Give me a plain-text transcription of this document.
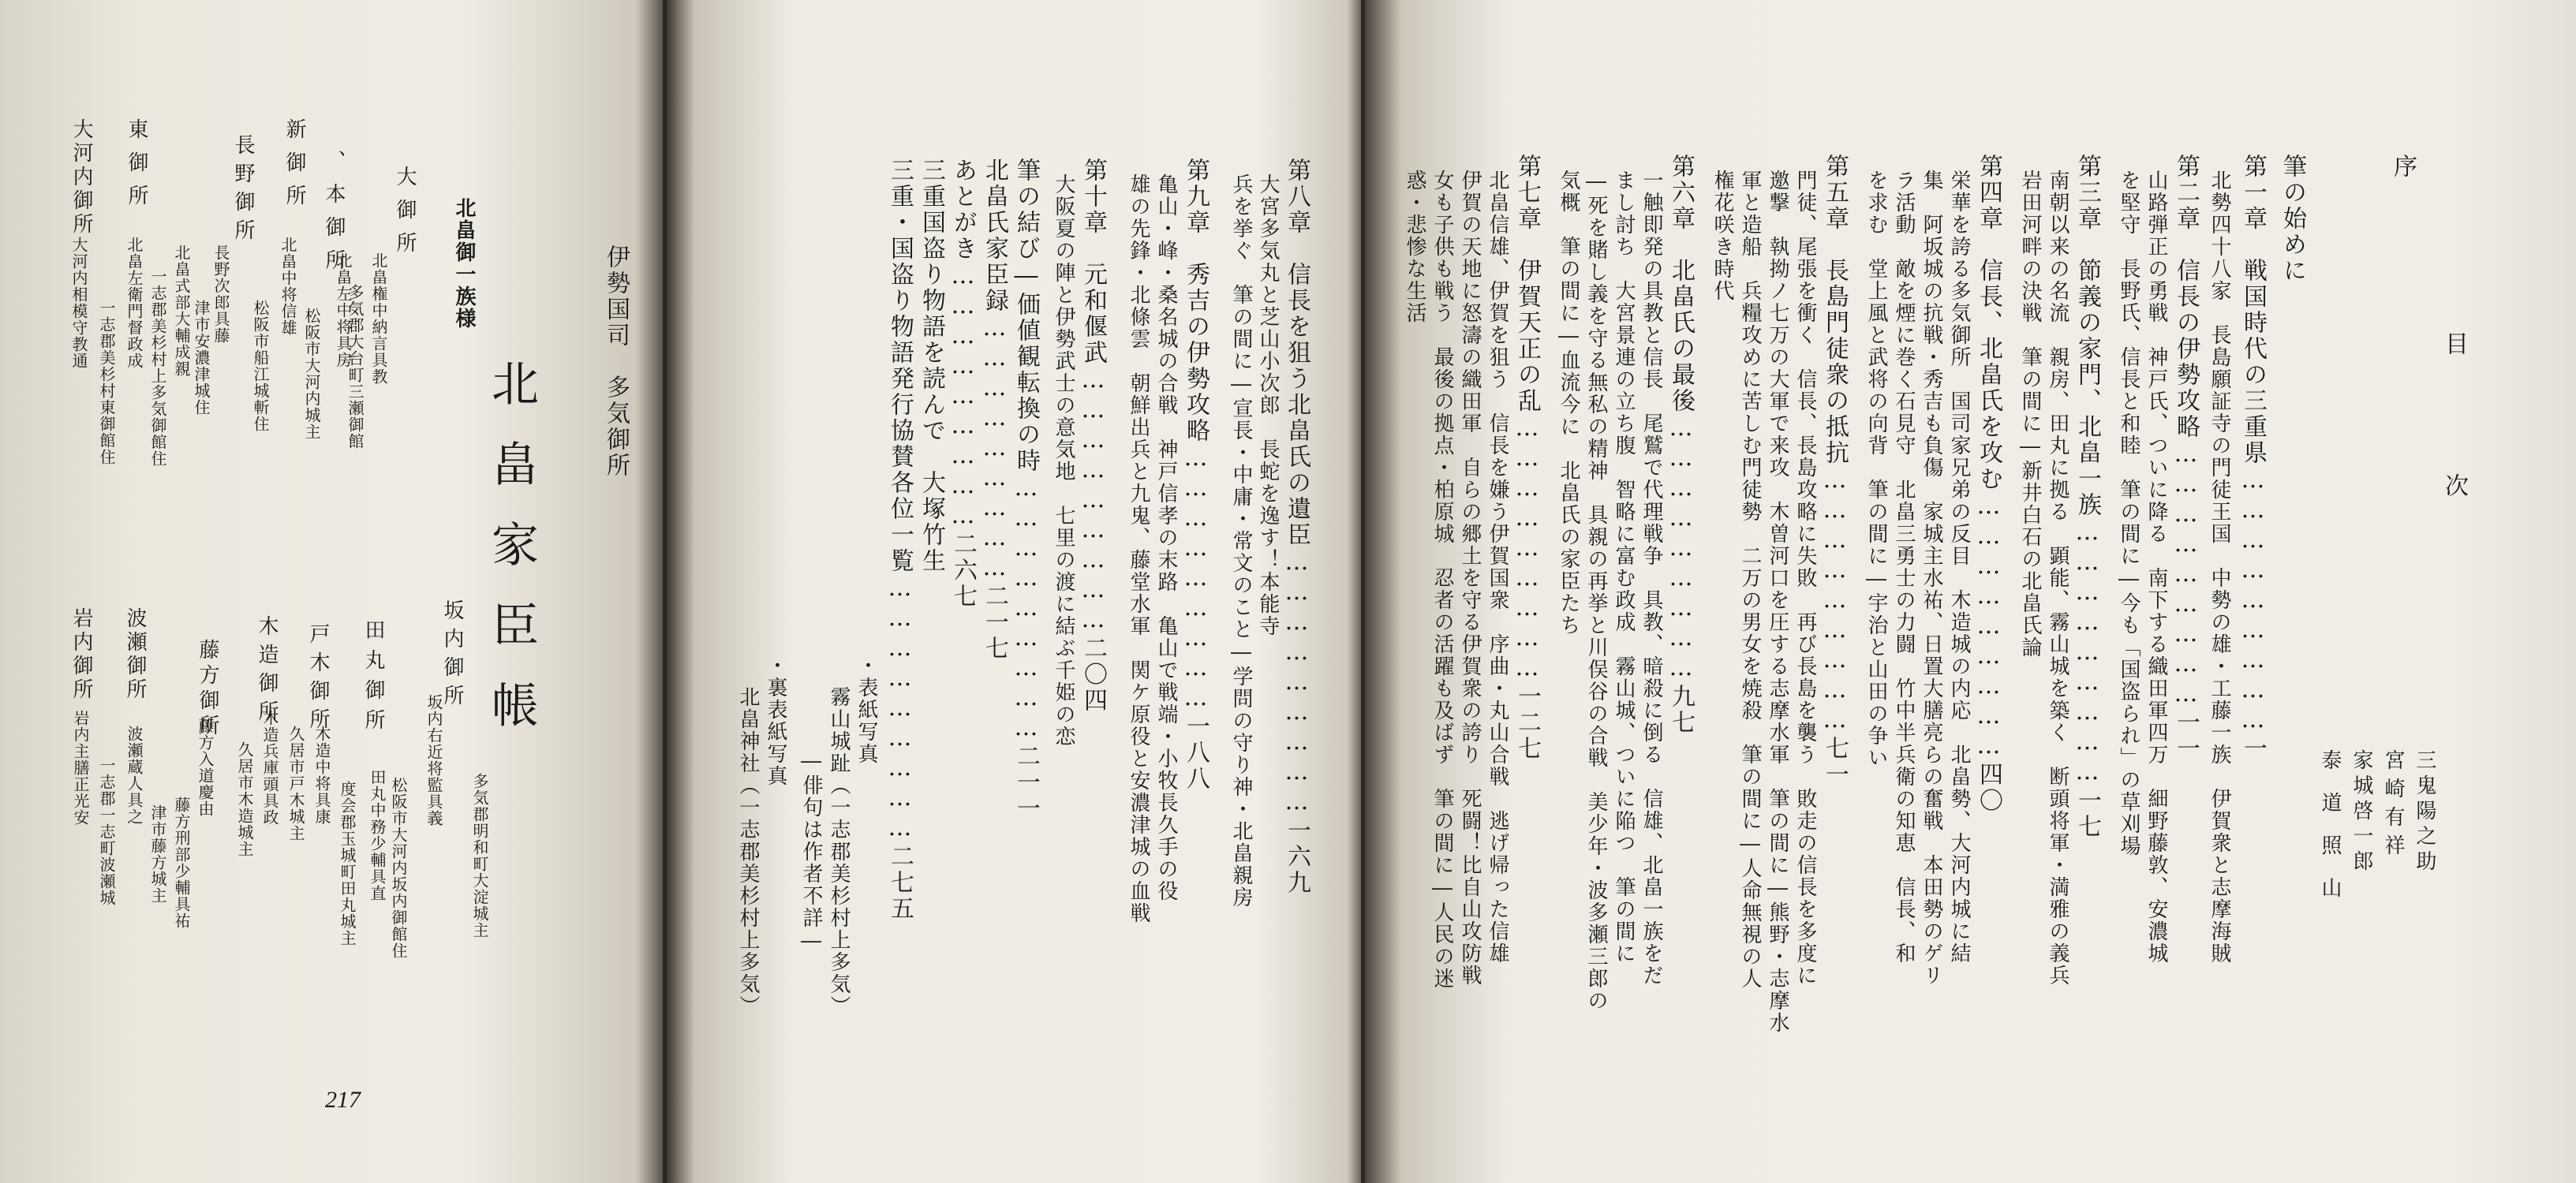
北畠家臣帳	伊勢国司　多気御所
北畠御一族様
大御所
北畠権中納言具教
多気郡大台町三瀬御館
、本御所
北畠左中将具房
松阪市大河内城主
新御所
北畠中将信雄
松阪市船江城斬住
長野御所
長野次郎具藤
津市安濃津城住
北畠式部大輔成親
一志郡美杉村上多気御館住
東御所
北畠左衛門督政成
一志郡美杉村東御館住
大河内御所
大河内相模守教通
坂内御所
坂内右近将監具義
多気郡明和町大淀城主
田丸御所
田丸中務少輔具直 松阪市大河内坂内御館住
戸木御所
木造中将具康
度会郡玉城町田丸城主
木造御所
木造兵庫頭具政 久居市戸木城主
藤方御所
藤方入道慶由 久居市木造城主
藤方刑部少輔具祐
津市藤方城主
波瀬御所
波瀬蔵人具之
一志郡一志町波瀬城
岩内御所
岩内主膳正光安
217
第八章　信長を狙う北畠氏の遺臣………………………一六九
大宮多気丸と芝山小次郎　長蛇を逸す！本能寺
兵を挙ぐ　筆の間に―宣長・中庸・常文のこと―学問の守り神・北畠親房
第九章　秀吉の伊勢攻略………………………一八八
亀山・峰・桑名城の合戦　神戸信孝の末路　亀山で戦端・小牧長久手の役
雄の先鋒・北條雲　朝鮮出兵と九鬼、藤堂水軍　関ケ原役と安濃津城の血戦
第十章　元和偃武………………………二〇四
大阪夏の陣と伊勢武士の意気地　七里の渡に結ぶ千姫の恋
筆の結び―価値観転換の時………………………二一一
北畠氏家臣録………………………二一七
あとがき………………………二六七
三重国盗り物語を読んで　大塚竹生
三重・国盗り物語発行協賛各位一覧………………………二七五
・表紙写真
霧山城趾（一志郡美杉村上多気）
―俳句は作者不詳―
・裏表紙写真
北畠神社（一志郡美杉村上多気）
序
目次
三鬼陽之助
宮崎有祥
家城啓一郎
泰道照山
筆の始めに
第一章　戦国時代の三重県………………………一
北勢四十八家　長島願証寺の門徒王国　中勢の雄・工藤一族　伊賀衆と志摩海賊
第二章　信長の伊勢攻略………………………一一
山路弾正の勇戦　神戸氏、ついに降る　南下する織田軍四万　細野藤敦、安濃城
を堅守　長野氏、信長と和睦　筆の間に―今も「国盗られ」の草刈場
第三章　節義の家門、北畠一族………………………一七
南朝以来の名流　親房、田丸に拠る　顕能、霧山城を築く　断頭将軍・満雅の義兵
岩田河畔の決戦　筆の間に―新井白石の北畠氏論
第四章　信長、北畠氏を攻む………………………四〇
栄華を誇る多気御所　国司家兄弟の反目　木造城の内応　北畠勢、大河内城に結
集　阿坂城の抗戦・秀吉も負傷　家城主水祐、日置大膳亮らの奮戦　本田勢のゲリ
ラ活動　敵を煙に巻く石見守　北畠三勇士の力闘　竹中半兵衛の知恵　信長、和
を求む　堂上風と武将の向背　筆の間に―宇治と山田の争い
第五章　長島門徒衆の抵抗………………………七一
門徒、尾張を衝く　信長、長島攻略に失敗　再び長島を襲う　敗走の信長を多度に
邀撃　執拗ノ七万の大軍で来攻　木曽河口を圧する志摩水軍　筆の間に―熊野・志摩水
軍と造船　兵糧攻めに苦しむ門徒勢　二万の男女を焼殺　筆の間に―人命無視の人
権花咲き時代
第六章　北畠氏の最後………………………九七
一触即発の具教と信長　尾鷲で代理戦争　具教、暗殺に倒る　信雄、北畠一族をだ
まし討ち　大宮景連の立ち腹　智略に富む政成　霧山城、ついに陥つ　筆の間に
―死を賭し義を守る無私の精神　具親の再挙と川俣谷の合戦　美少年・波多瀬三郎の
気概　筆の間に―血流今に　北畠氏の家臣たち
第七章　伊賀天正の乱………………………一二七
北畠信雄、伊賀を狙う　信長を嫌う伊賀国衆　序曲・丸山合戦　逃げ帰った信雄
伊賀の天地に怒濤の織田軍　自らの郷土を守る伊賀衆の誇り　死闘！比自山攻防戦
女も子供も戦う　最後の拠点・柏原城　忍者の活躍も及ばず　筆の間に―人民の迷
惑・悲惨な生活
